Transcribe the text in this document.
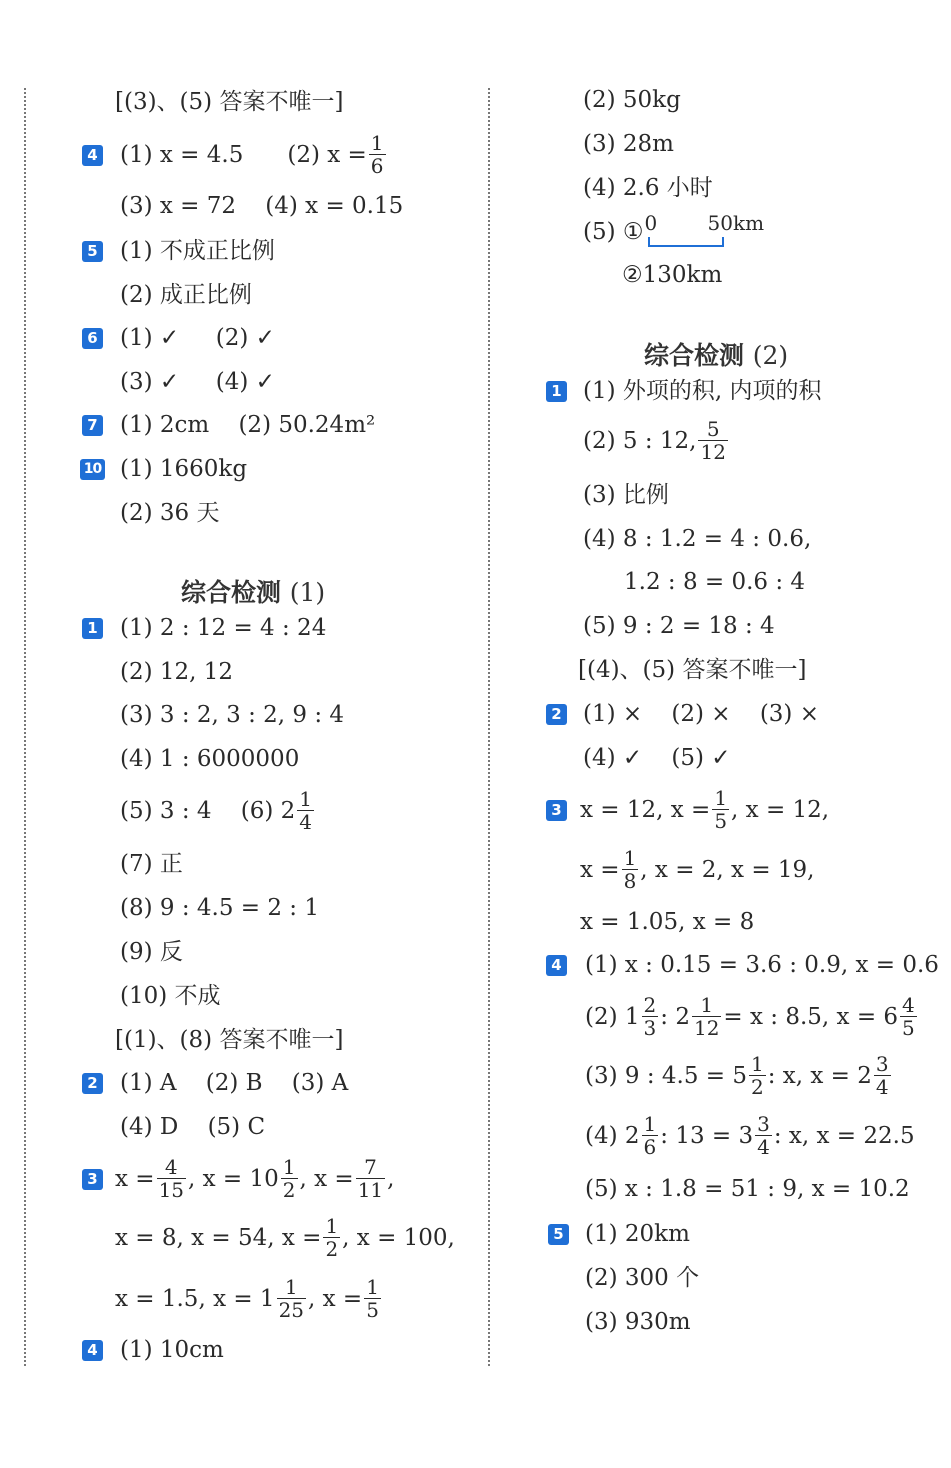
[(3)、(5) 答案不唯一]
4 (1) x = 4.5 (2) $x = \frac{1}{6}$
(3) x = 72    (4) x = 0.15
5 (1) 不成正比例
(2) 成正比例
6 (1) ✓     (2) ✓
(3) ✓     (4) ✓
7 (1) 2cm    (2) 50.24m²
10 (1) 1660kg
(2) 36 天
综合检测 (1)
1 (1) 2 : 12 = 4 : 24
(2) 12, 12
(3) 3 : 2, 3 : 2, 9 : 4
(4) 1 : 6000000
(5) 3 : 4    (6) $2 \frac{1}{4}$
(7) 正
(8) 9 : 4.5 = 2 : 1
(9) 反
(10) 不成
[(1)、(8) 答案不唯一]
2 (1) A    (2) B    (3) A
(4) D    (5) C
3 $x = \frac{4}{15}$ , $x = 10 \frac{1}{2}$ , $x = \frac{7}{11}$ ,
x = 8, x = 54, $x = \frac{1}{2}$ , x = 100,
x = 1.5, $x = 1 \frac{1}{25}$ , $x = \frac{1}{5}$
4 (1) 10cm
(2) 50kg
(3) 28m
(4) 2.6 小时
(5) ① 0	50km
②130km
综合检测 (2)
1 (1) 外项的积, 内项的积
(2) 5 : 12, $\frac{5}{12}$
(3) 比例
(4) 8 : 1.2 = 4 : 0.6,
1.2 : 8 = 0.6 : 4
(5) 9 : 2 = 18 : 4
[(4)、(5) 答案不唯一]
2 (1) ×    (2) ×    (3) ×
(4) ✓    (5) ✓
3 x = 12, $x = \frac{1}{5}$ , x = 12,
$x = \frac{1}{8}$ , x = 2, x = 19,
x = 1.05, x = 8
4 (1) x : 0.15 = 3.6 : 0.9, x = 0.6
(2) $1 \frac{2}{3}$ : $2 \frac{1}{12} = x$ : 8.5, $x = 6 \frac{4}{5}$
(3) 9 : $4.5 = 5 \frac{1}{2}$ : x, $x = 2 \frac{3}{4}$
(4) $2 \frac{1}{6}$ : $13 = 3 \frac{3}{4}$ : x, x = 22.5
(5) x : 1.8 = 51 : 9, x = 10.2
5 (1) 20km
(2) 300 个
(3) 930m
